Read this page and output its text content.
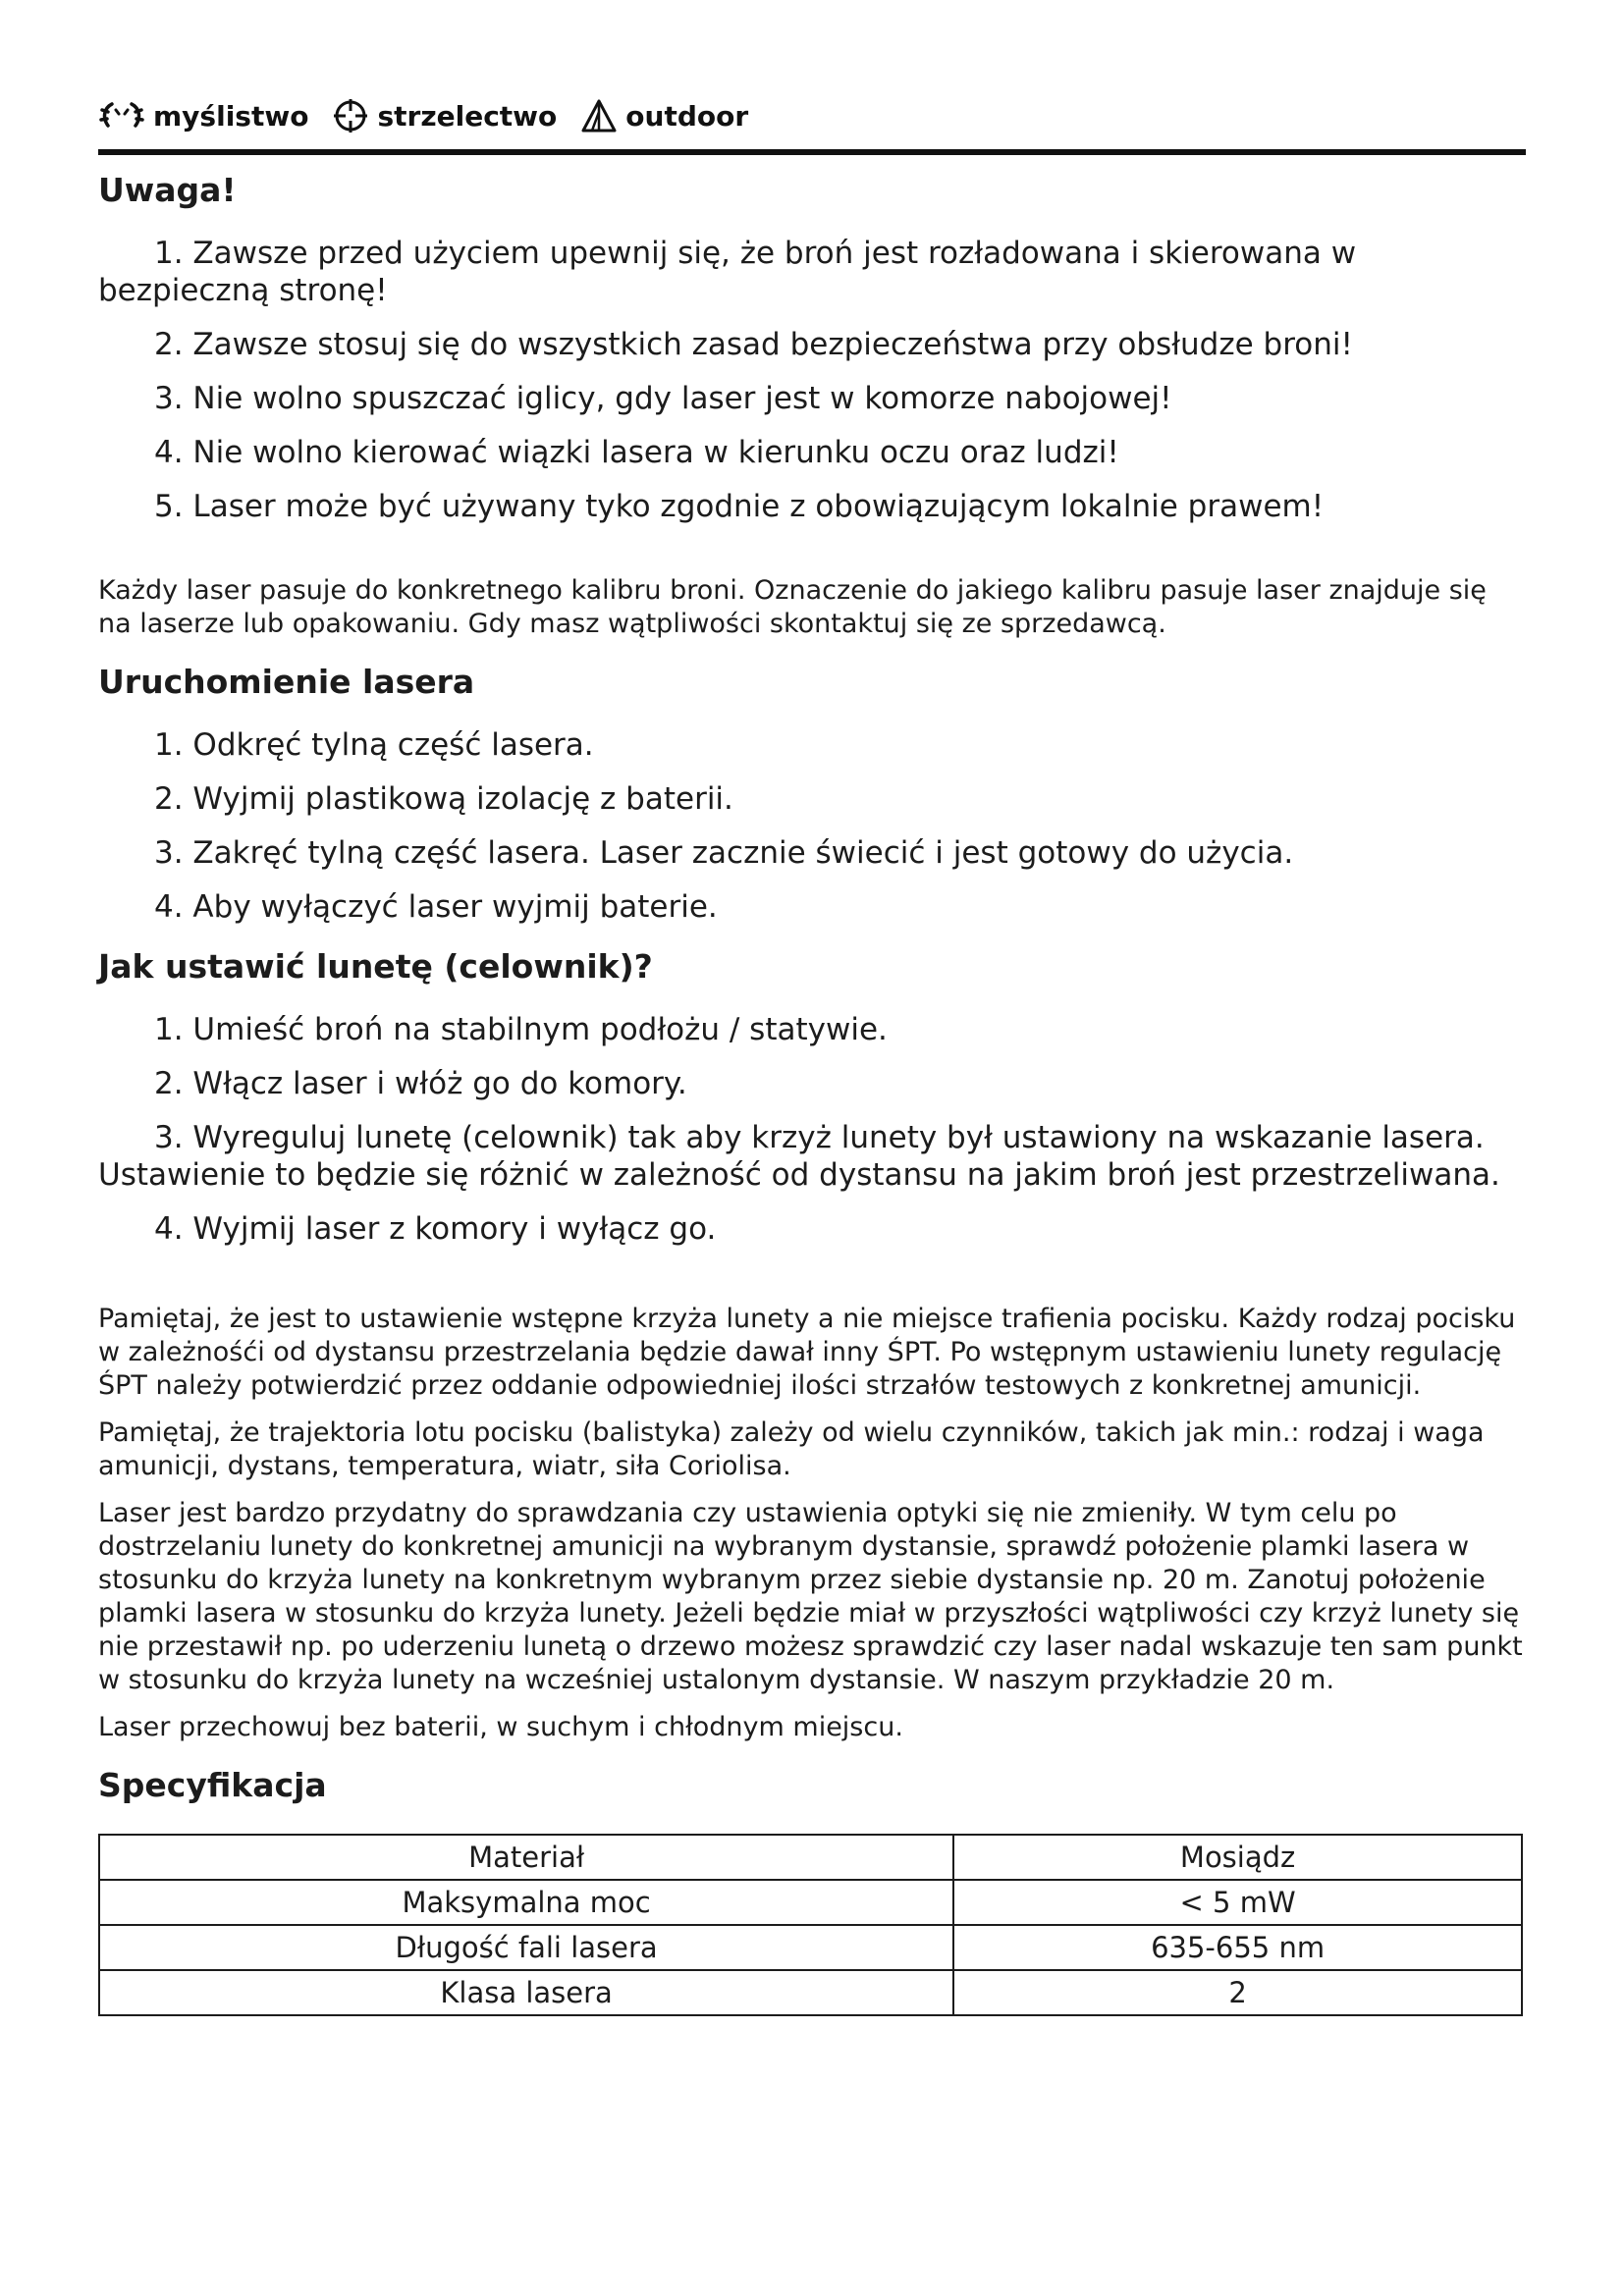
myślistwo	strzelectwo	outdoor
Uwaga!
1. Zawsze przed użyciem upewnij się, że broń jest rozładowana i skierowana w bezpieczną stronę!
2. Zawsze stosuj się do wszystkich zasad bezpieczeństwa przy obsłudze broni!
3. Nie wolno spuszczać iglicy, gdy laser jest w komorze nabojowej!
4. Nie wolno kierować wiązki lasera w kierunku oczu oraz ludzi!
5. Laser może być używany tyko zgodnie z obowiązującym lokalnie prawem!

Każdy laser pasuje do konkretnego kalibru broni. Oznaczenie do jakiego kalibru pasuje laser znajduje się na laserze lub opakowaniu. Gdy masz wątpliwości skontaktuj się ze sprzedawcą.

Uruchomienie lasera
1. Odkręć tylną część lasera.
2. Wyjmij plastikową izolację z baterii.
3. Zakręć tylną część lasera. Laser zacznie świecić i jest gotowy do użycia.
4. Aby wyłączyć laser wyjmij baterie.
Jak ustawić lunetę (celownik)?
1. Umieść broń na stabilnym podłożu / statywie.
2. Włącz laser i włóż go do komory.
3. Wyreguluj lunetę (celownik) tak aby krzyż lunety był ustawiony na wskazanie lasera. Ustawienie to będzie się różnić w zależność od dystansu na jakim broń jest przestrzeliwana.
4. Wyjmij laser z komory i wyłącz go.

Pamiętaj, że jest to ustawienie wstępne krzyża lunety a nie miejsce trafienia pocisku. Każdy rodzaj pocisku w zależnośći od dystansu przestrzelania będzie dawał inny ŚPT. Po wstępnym ustawieniu lunety regulację ŚPT należy potwierdzić przez oddanie odpowiedniej ilości strzałów testowych z konkretnej amunicji.

Pamiętaj, że trajektoria lotu pocisku (balistyka) zależy od wielu czynników, takich jak min.: rodzaj i waga amunicji, dystans, temperatura, wiatr, siła Coriolisa.

Laser jest bardzo przydatny do sprawdzania czy ustawienia optyki się nie zmieniły. W tym celu po dostrzelaniu lunety do konkretnej amunicji na wybranym dystansie, sprawdź położenie plamki lasera w stosunku do krzyża lunety na konkretnym wybranym przez siebie dystansie np. 20 m. Zanotuj położenie plamki lasera w stosunku do krzyża lunety. Jeżeli będzie miał w przyszłości wątpliwości czy krzyż lunety się nie przestawił np. po uderzeniu lunetą o drzewo możesz sprawdzić czy laser nadal wskazuje ten sam punkt w stosunku do krzyża lunety na wcześniej ustalonym dystansie. W naszym przykładzie 20 m.

Laser przechowuj bez baterii, w suchym i chłodnym miejscu.

Specyfikacja
Materiał	Mosiądz
Maksymalna moc	< 5 mW
Długość fali lasera	635-655 nm
Klasa lasera	2
